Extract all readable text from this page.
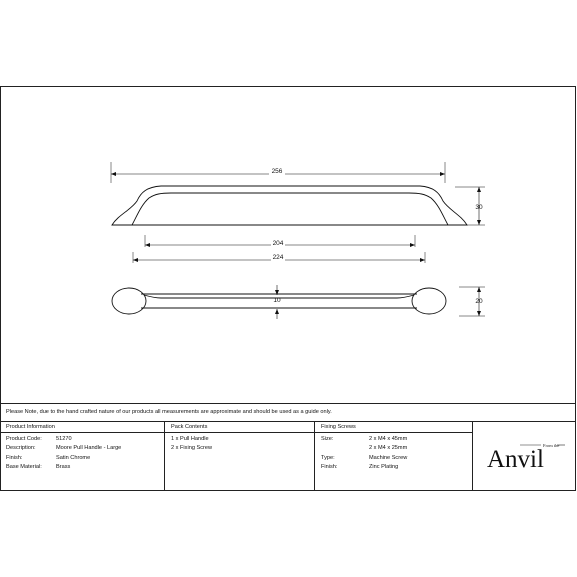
256
30
204
224
10	20
Please Note, due to the hand crafted nature of our products all measurements are approximate and should be used as a guide only.
Product Information
Product Code:	51270
Description:	Moore Pull Handle - Large
Finish:	Satin Chrome
Base Material:	Brass
Pack Contents
1 x Pull Handle
2 x Fixing Screw
Fixing Screws
Size:	2 x M4 x 45mm
2 x M4 x 25mm
Type:	Machine Screw
Finish:	Zinc Plating
From the
Anvil
